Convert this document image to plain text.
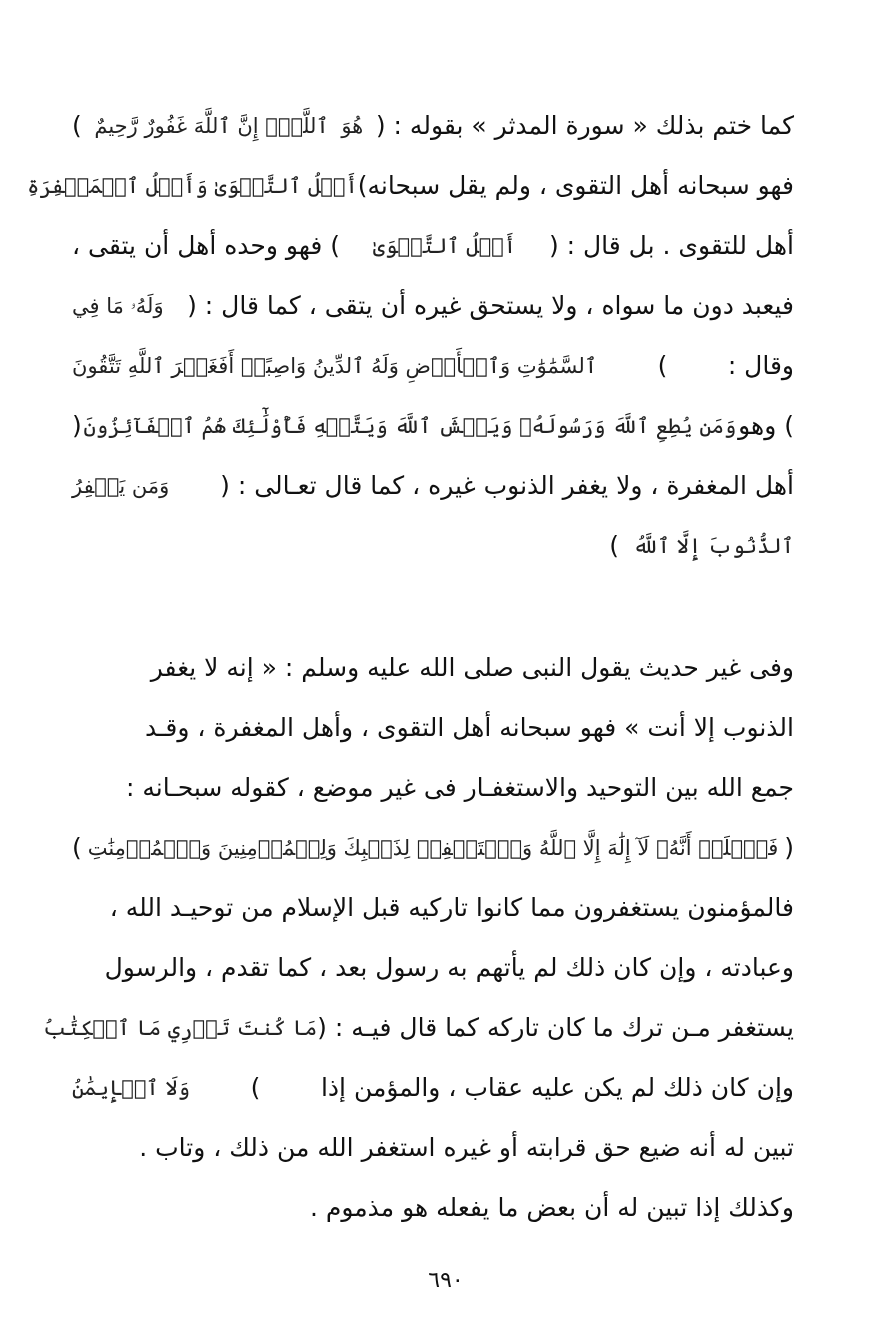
كما ختم بذلك « سورة المدثر » بقوله : (
هُوَ
ٱللَّهِۚ إِنَّ ٱللَّهَ غَفُورٌ رَّحِيمٌ
)
فهو سبحانه أهل التقوى ، ولم يقل سبحانه
)
أَهۡلُ ٱلتَّقۡوَىٰ وَأَهۡلُ ٱلۡمَغۡفِرَةِ
أهل للتقوى . بل قال : (
أَهۡلُ ٱلتَّقۡوَىٰ
) فهو وحده أهل أن يتقى ،
فيعبد دون ما سواه ، ولا يستحق غيره أن يتقى ، كما قال : (
وَلَهُۥ مَا فِي
وقال :
)
ٱلسَّمَٰوَٰتِ وَٱلۡأَرۡضِ وَلَهُ ٱلدِّينُ وَاصِبًاۚ أَفَغَيۡرَ ٱللَّهِ تَتَّقُونَ
) وهو
وَمَن يُطِعِ ٱللَّهَ وَرَسُولَهُۥ وَيَخۡشَ ٱللَّهَ وَيَتَّقۡهِ فَأُوْلَٰٓئِكَ هُمُ ٱلۡفَآئِزُونَ
(
أهل المغفرة ، ولا يغفر الذنوب غيره ، كما قال تعـالى : (
وَمَن يَغۡفِرُ
ٱلذُّنُوبَ إِلَّا ٱللَّهُ
)
وفى غير حديث يقول النبى صلى الله عليه وسلم : « إنه لا يغفر
الذنوب إلا أنت » فهو سبحانه أهل التقوى ، وأهل المغفرة ، وقـد
جمع الله بين التوحيد والاستغفـار فى غير موضع ، كقوله سبحـانه :
(
فَٱعۡلَمۡ أَنَّهُۥ لَآ إِلَٰهَ إِلَّا ٱللَّهُ وَٱسۡتَغۡفِرۡ لِذَنۢبِكَ وَلِلۡمُؤۡمِنِينَ وَٱلۡمُؤۡمِنَٰتِ
)
فالمؤمنون يستغفرون مما كانوا تاركيه قبل الإسلام من توحيـد الله ،
وعبادته ، وإن كان ذلك لم يأتهم به رسول بعد ، كما تقدم ، والرسول
يستغفر مـن ترك ما كان تاركه كما قال فيـه : (
مَا كُنتَ تَدۡرِي مَا ٱلۡكِتَٰبُ
وإن كان ذلك لم يكن عليه عقاب ، والمؤمن إذا
)
وَلَا ٱلۡإِيمَٰنُ
تبين له أنه ضيع حق قرابته أو غيره استغفر الله من ذلك ، وتاب .
وكذلك إذا تبين له أن بعض ما يفعله هو مذموم .
٦٩٠
